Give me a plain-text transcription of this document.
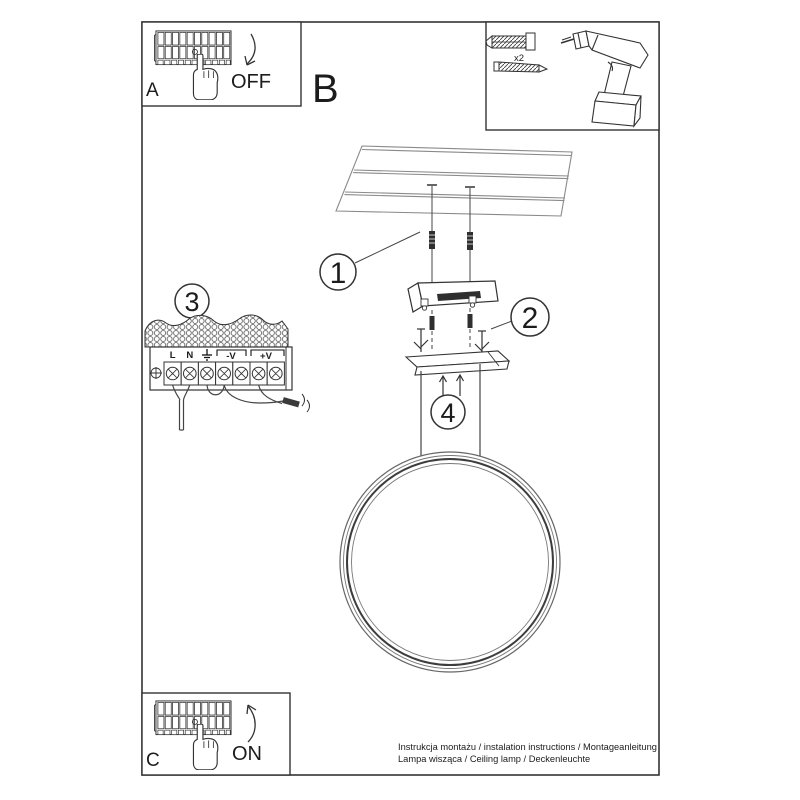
A	OFF B
x2
1
2
4
3
L N	-V	+V
C	ON	Instrukcja montażu / instalation instructions / Montageanleitung
Lampa wisząca / Ceiling lamp / Deckenleuchte
